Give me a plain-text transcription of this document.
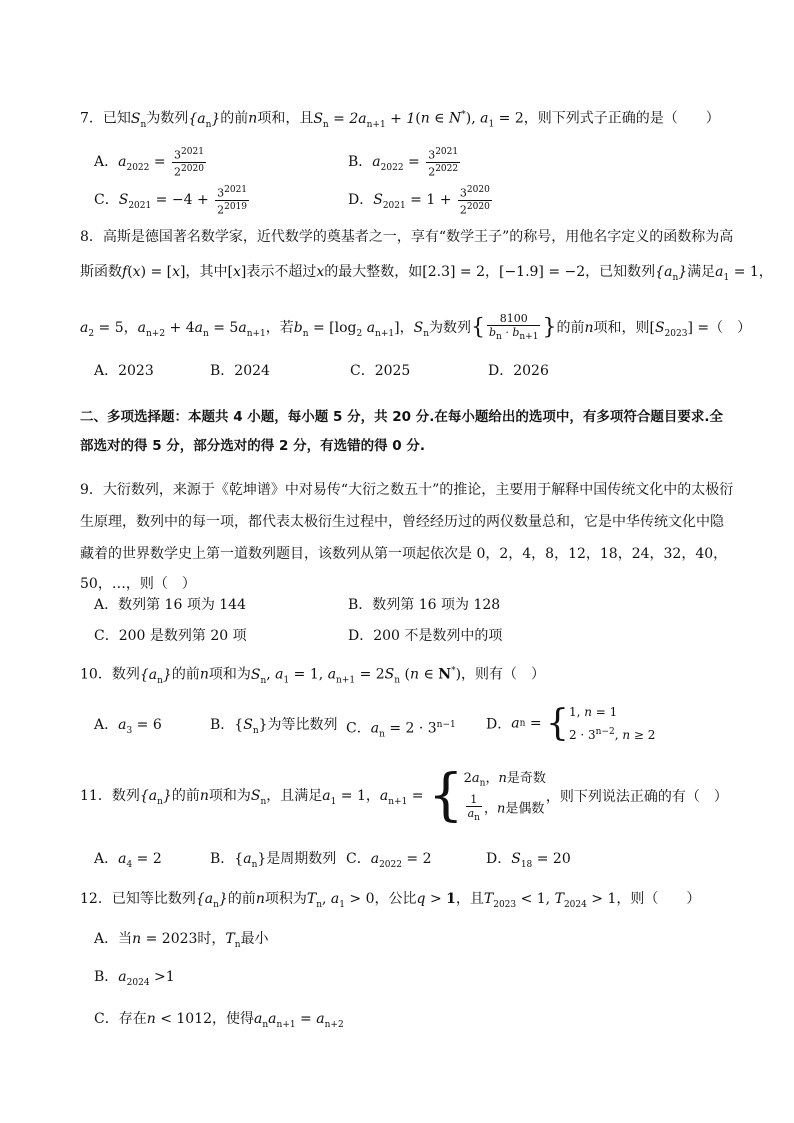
7．已知$S_n$为数列$\{a_n\}$的前n项和，且$S_n = 2a_{n+1} + 1(n$ ∈ N*), $a_1 = 2$，则下列式子正确的是（　　）
A．$a_{2022} = \frac{3^{2021}}{2^{2020}}$	B．$a_{2022} = \frac{3^{2021}}{2^{2022}}$
C．$S_{2021} = -4 + \frac{3^{2021}}{2^{2019}}$	D．$S_{2021} = 1 + \frac{3^{2020}}{2^{2020}}$
8．高斯是德国著名数学家，近代数学的奠基者之一，享有“数学王子”的称号，用他名字定义的函数称为高
斯函数f(x) = [x]，其中[x]表示不超过x的最大整数，如[2.3] = 2，[−1.9] = −2，已知数列$\{a_n\}$满足$a_1 = 1$，
$a_2 = 5$，$a_{n+2} + 4a_n = 5a_{n+1}$，若$b_n = [\log_2$ $a_{n+1}$]，$S_n$为数列{ $\frac{8100}{b_n \cdot b_{n+1}}$ }的前n项和，则$[S_{2023}]$ =（　）
A．2023	B．2024	C．2025	D．2026
二、多项选择题：本题共 4 小题，每小题 5 分，共 20 分.在每小题给出的选项中，有多项符合题目要求.全
部选对的得 5 分，部分选对的得 2 分，有选错的得 0 分.
9．大衍数列，来源于《乾坤谱》中对易传“大衍之数五十”的推论，主要用于解释中国传统文化中的太极衍
生原理，数列中的每一项，都代表太极衍生过程中，曾经经历过的两仪数量总和，它是中华传统文化中隐
藏着的世界数学史上第一道数列题目，该数列从第一项起依次是 0，2，4，8，12，18，24，32，40，
50，…，则（　）
A．数列第 16 项为 144	B．数列第 16 项为 128
C．200 是数列第 20 项	D．200 不是数列中的项
10．数列$\{a_n\}$的前n项和为$S_n$, $a_1 = 1$, $a_{n+1} = 2S_n$ (n ∈ N*)，则有（　）
A．$a_3 = 6$	B．$\{S_n\}$为等比数列 C．$a_n = 2 \cdot 3^{n-1}$ D．an = { 1, n = 1
$2 \cdot 3^{n-2}$, n ≥ 2
11．数列$\{a_n\}$的前n项和为$S_n$，且满足$a_1 = 1$，$a_{n+1}$ = { $2a_n$，n是奇数
$\frac{1}{a_n}$ ，n是偶数
，则下列说法正确的有（　）
A．$a_4 = 2$	B．$\{a_n\}$是周期数列 C．$a_{2022} = 2$	D．$S_{18} = 20$
12．已知等比数列$\{a_n\}$的前n项积为$T_n$, $a_1 > 0$，公比q > 1，且$T_{2023} < 1$, $T_{2024} > 1$，则（　　）
A．当n = 2023时，$T_n$最小
B．$a_{2024} >1$
C．存在n < 1012，使得$a_na_{n+1} = a_{n+2}$
